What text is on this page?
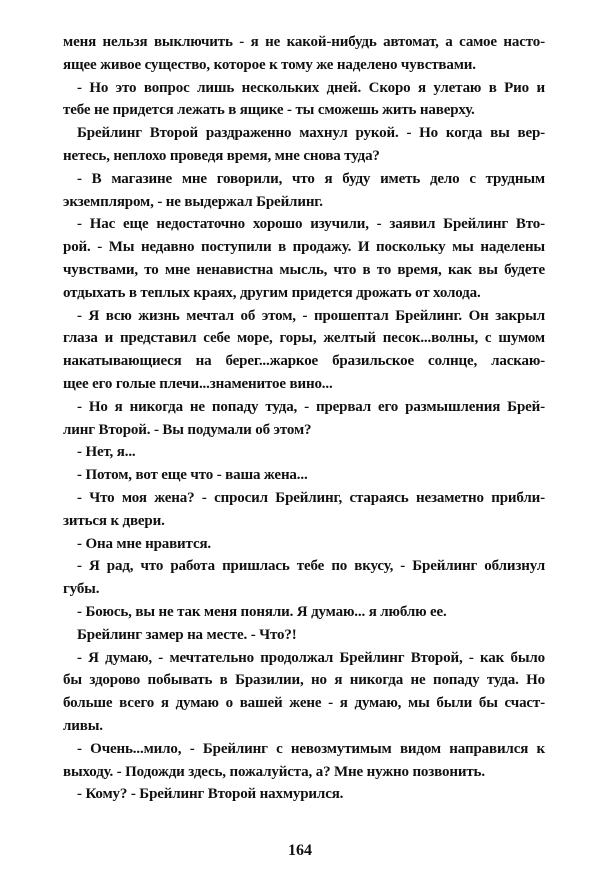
меня нельзя выключить - я не какой-нибудь автомат, а самое насто-
ящее живое существо, которое к тому же наделено чувствами.
- Но это вопрос лишь нескольких дней. Скоро я улетаю в Рио и
тебе не придется лежать в ящике - ты сможешь жить наверху.
Брейлинг Второй раздраженно махнул рукой. - Но когда вы вер-
нетесь, неплохо проведя время, мне снова туда?
- В магазине мне говорили, что я буду иметь дело с трудным
экземпляром, - не выдержал Брейлинг.
- Нас еще недостаточно хорошо изучили, - заявил Брейлинг Вто-
рой. - Мы недавно поступили в продажу. И поскольку мы наделены
чувствами, то мне ненавистна мысль, что в то время, как вы будете
отдыхать в теплых краях, другим придется дрожать от холода.
- Я всю жизнь мечтал об этом, - прошептал Брейлинг. Он закрыл
глаза и представил себе море, горы, желтый песок...волны, с шумом
накатывающиеся на берег...жаркое бразильское солнце, ласкаю-
щее его голые плечи...знаменитое вино...
- Но я никогда не попаду туда, - прервал его размышления Брей-
линг Второй. - Вы подумали об этом?
- Нет, я...
- Потом, вот еще что - ваша жена...
- Что моя жена? - спросил Брейлинг, стараясь незаметно прибли-
зиться к двери.
- Она мне нравится.
- Я рад, что работа пришлась тебе по вкусу, - Брейлинг облизнул
губы.
- Боюсь, вы не так меня поняли. Я думаю... я люблю ее.
Брейлинг замер на месте. - Что?!
- Я думаю, - мечтательно продолжал Брейлинг Второй, - как было
бы здорово побывать в Бразилии, но я никогда не попаду туда. Но
больше всего я думаю о вашей жене - я думаю, мы были бы счаст-
ливы.
- Очень...мило, - Брейлинг с невозмутимым видом направился к
выходу. - Подожди здесь, пожалуйста, а? Мне нужно позвонить.
- Кому? - Брейлинг Второй нахмурился.
164
